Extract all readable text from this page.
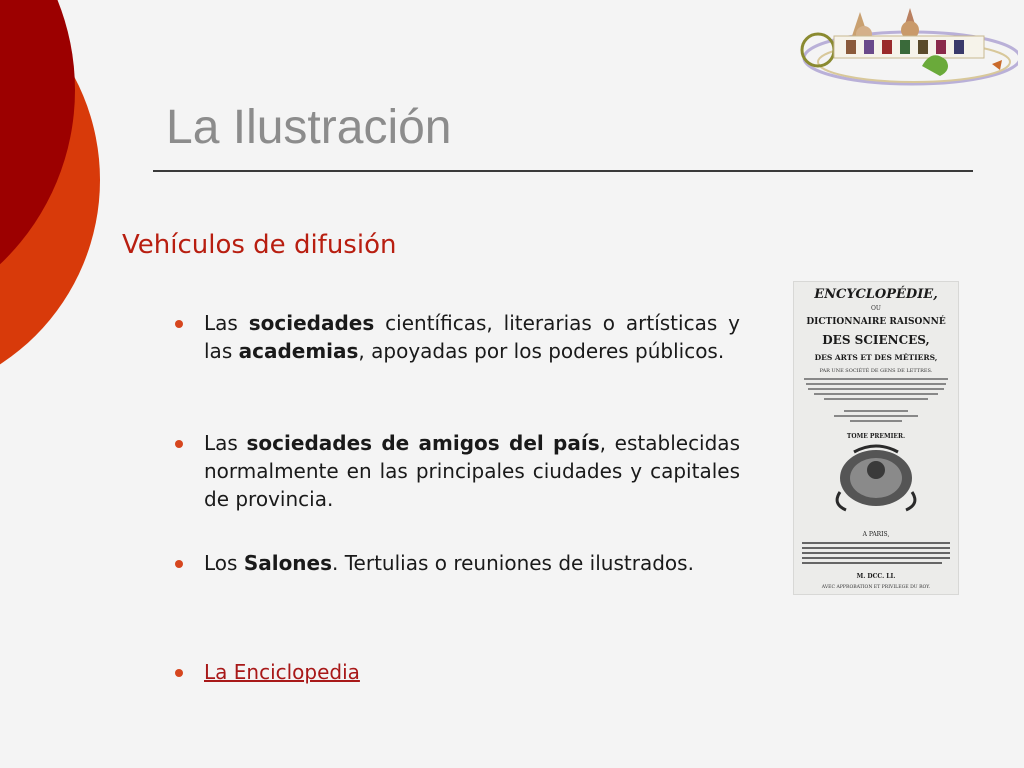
La Ilustración
Vehículos de difusión
Las sociedades científicas, literarias o artísticas y las academias, apoyadas por los poderes públicos.
Las sociedades de amigos del país, establecidas normalmente en las principales ciudades y capitales de provincia.
Los Salones. Tertulias o reuniones de ilustrados.
La Enciclopedia
ENCYCLOPÉDIE,
OU
DICTIONNAIRE RAISONNÉ
DES SCIENCES,
DES ARTS ET DES MÉTIERS,
PAR UNE SOCIÉTÉ DE GENS DE LETTRES.
TOME PREMIER.
A PARIS,
M. DCC. LI.
AVEC APPROBATION ET PRIVILEGE DU ROY.
